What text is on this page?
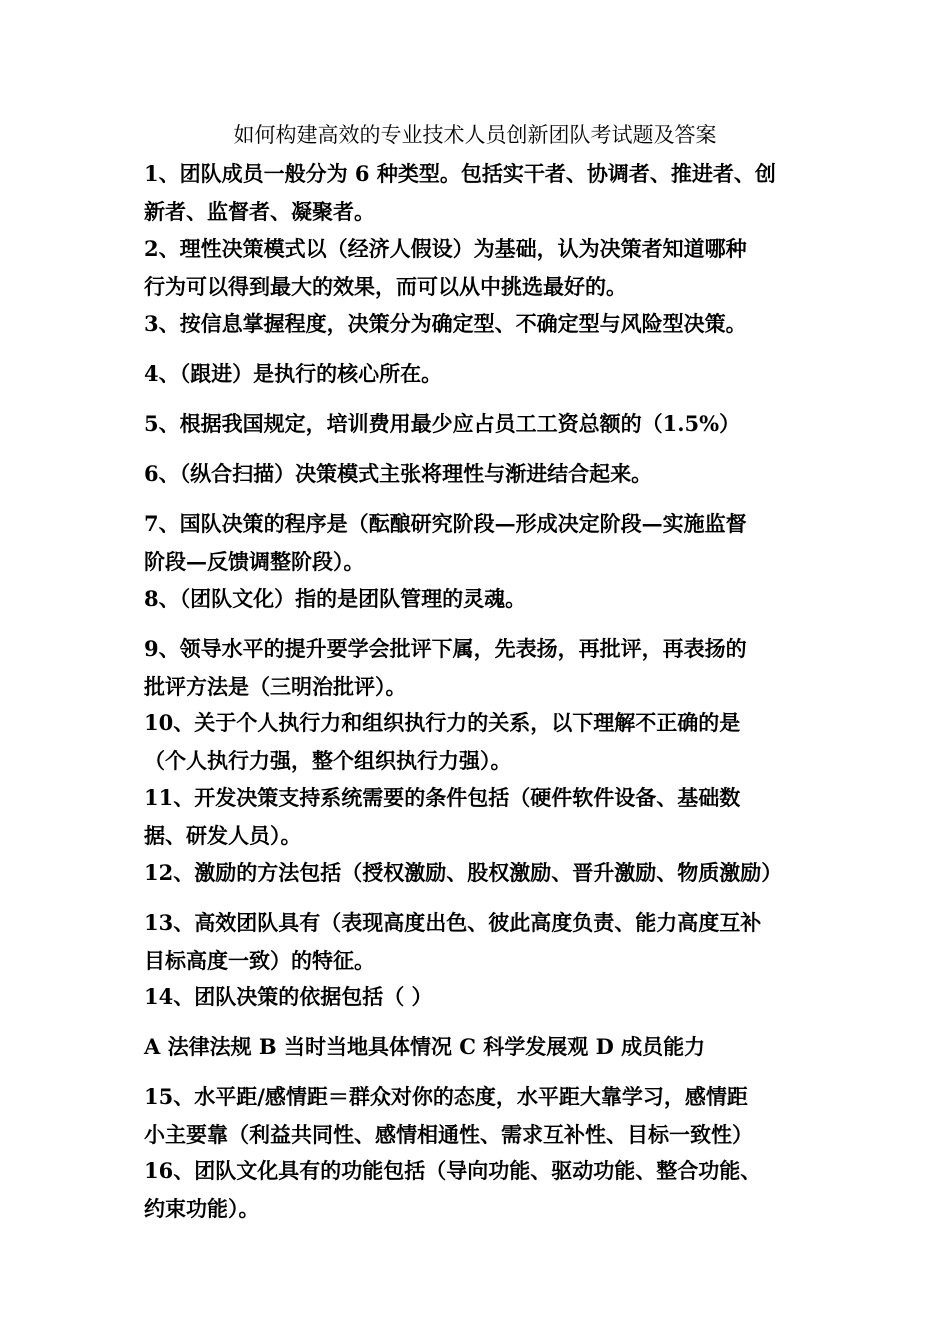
如何构建高效的专业技术人员创新团队考试题及答案
1、团队成员一般分为 6 种类型。包括实干者、协调者、推进者、创
新者、监督者、凝聚者。
2、理性决策模式以（经济人假设）为基础，认为决策者知道哪种
行为可以得到最大的效果，而可以从中挑选最好的。
3、按信息掌握程度，决策分为确定型、不确定型与风险型决策。
4、（跟进）是执行的核心所在。
5、根据我国规定，培训费用最少应占员工工资总额的（1.5%）
6、（纵合扫描）决策模式主张将理性与渐进结合起来。
7、国队决策的程序是（酝酿研究阶段—形成决定阶段—实施监督
阶段—反馈调整阶段）。
8、（团队文化）指的是团队管理的灵魂。
9、领导水平的提升要学会批评下属，先表扬，再批评，再表扬的
批评方法是（三明治批评）。
10、关于个人执行力和组织执行力的关系，以下理解不正确的是
（个人执行力强，整个组织执行力强）。
11、开发决策支持系统需要的条件包括（硬件软件设备、基础数
据、研发人员）。
12、激励的方法包括（授权激励、股权激励、晋升激励、物质激励）
13、高效团队具有（表现高度出色、彼此高度负责、能力高度互补
目标高度一致）的特征。
14、团队决策的依据包括（ ）
A 法律法规 B 当时当地具体情况 C 科学发展观 D 成员能力
15、水平距/感情距＝群众对你的态度，水平距大靠学习，感情距
小主要靠（利益共同性、感情相通性、需求互补性、目标一致性）
16、团队文化具有的功能包括（导向功能、驱动功能、整合功能、
约束功能）。
